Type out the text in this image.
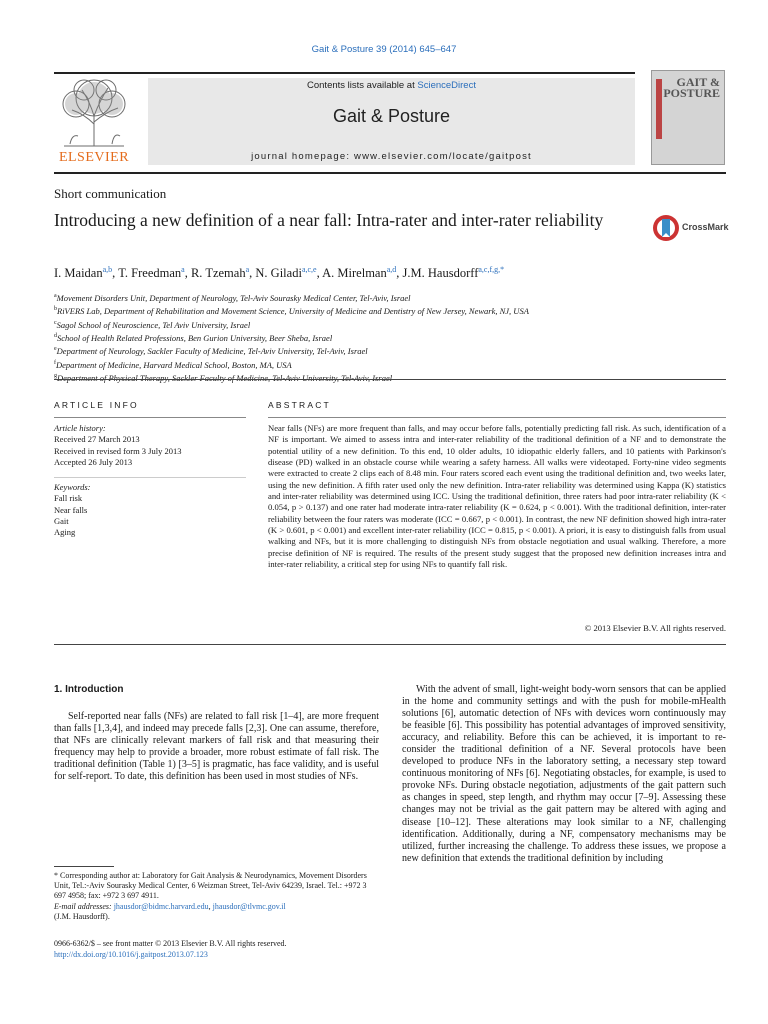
Gait & Posture 39 (2014) 645–647
ELSEVIER
Contents lists available at ScienceDirect
Gait & Posture
journal homepage: www.elsevier.com/locate/gaitpost
GAIT & POSTURE
Short communication
Introducing a new definition of a near fall: Intra-rater and inter-rater reliability	CrossMark
I. Maidan$^{a,b}$, T. Freedman$^a$, R. Tzemah$^a$, N. Giladi$^{a,c,e}$, A. Mirelman$^{a,d}$, J.M. Hausdorff$^{a,c,f,g,*}$
$^a$Movement Disorders Unit, Department of Neurology, Tel-Aviv Sourasky Medical Center, Tel-Aviv, Israel
$^b$RiVERS Lab, Department of Rehabilitation and Movement Science, University of Medicine and Dentistry of New Jersey, Newark, NJ, USA
$^c$Sagol School of Neuroscience, Tel Aviv University, Israel
$^d$School of Health Related Professions, Ben Gurion University, Beer Sheba, Israel
$^e$Department of Neurology, Sackler Faculty of Medicine, Tel-Aviv University, Tel-Aviv, Israel
$^f$Department of Medicine, Harvard Medical School, Boston, MA, USA
$^g$Department of Physical Therapy, Sackler Faculty of Medicine, Tel-Aviv University, Tel-Aviv, Israel
ARTICLE INFO	ABSTRACT
Article history:
Received 27 March 2013
Received in revised form 3 July 2013
Accepted 26 July 2013
Keywords:
Fall risk
Near falls
Gait
Aging
Near falls (NFs) are more frequent than falls, and may occur before falls, potentially predicting fall risk. As such, identification of a NF is important. We aimed to assess intra and inter-rater reliability of the traditional definition of a NF and to demonstrate the potential utility of a new definition. To this end, 10 older adults, 10 idiopathic elderly fallers, and 10 patients with Parkinson's disease (PD) walked in an obstacle course while wearing a safety harness. All walks were videotaped. Forty-nine video segments were extracted to create 2 clips each of 8.48 min. Four raters scored each event using the traditional definition and, two weeks later, using the new definition. A fifth rater used only the new definition. Intra-rater reliability was determined using Kappa (K) statistics and inter-rater reliability was determined using ICC. Using the traditional definition, three raters had poor intra-rater reliability (K < 0.054, p > 0.137) and one rater had moderate intra-rater reliability (K = 0.624, p < 0.001). With the traditional definition, inter-rater reliability between the four raters was moderate (ICC = 0.667, p < 0.001). In contrast, the new NF definition showed high intra-rater (K > 0.601, p < 0.001) and excellent inter-rater reliability (ICC = 0.815, p < 0.001). A priori, it is easy to distinguish falls from usual walking and NFs, but it is more challenging to distinguish NFs from obstacle negotiation and usual walking. Therefore, a more precise definition of NF is required. The results of the present study suggest that the proposed new definition increases intra and inter-rater reliability, a critical step for using NFs to quantify fall risk.
© 2013 Elsevier B.V. All rights reserved.
1. Introduction
Self-reported near falls (NFs) are related to fall risk [1–4], are more frequent than falls [1,3,4], and indeed may precede falls [2,3]. One can assume, therefore, that NFs are clinically relevant markers of fall risk and that measuring their frequency may help to provide a broader, more robust estimate of fall risk. The traditional definition (Table 1) [3–5] is pragmatic, has face validity, and is useful for self-report. To date, this definition has been used in most studies of NFs.
With the advent of small, light-weight body-worn sensors that can be applied in the home and community settings and with the push for mobile-mHealth solutions [6], automatic detection of NFs with devices worn continuously may be feasible [6]. This possibility has potential advantages of improved sensitivity, accuracy, and reliability. Before this can be achieved, it is important to re-consider the traditional definition of a NF. Several protocols have been developed to produce NFs in the laboratory setting, a necessary step toward continuous monitoring of NFs [6]. Negotiating obstacles, for example, is used to provoke NFs. During obstacle negotiation, adjustments of the gait pattern such as changes in speed, step length, and rhythm may occur [7–9]. Assessing these changes may not be trivial as the gait pattern may be altered with aging and disease [10–12]. These alterations may look similar to a NF, challenging identification. Additionally, during a NF, compensatory mechanisms may be utilized, further increasing the challenge. To address these issues, we propose a new definition that extends the traditional definition by including
* Corresponding author at: Laboratory for Gait Analysis & Neurodynamics, Movement Disorders Unit, Tel.:-Aviv Sourasky Medical Center, 6 Weizman Street, Tel-Aviv 64239, Israel. Tel.: +972 3 697 4958; fax: +972 3 697 4911.
E-mail addresses: jhausdor@bidmc.harvard.edu, jhausdor@tlvmc.gov.il
(J.M. Hausdorff).
0966-6362/$ – see front matter © 2013 Elsevier B.V. All rights reserved.
http://dx.doi.org/10.1016/j.gaitpost.2013.07.123
